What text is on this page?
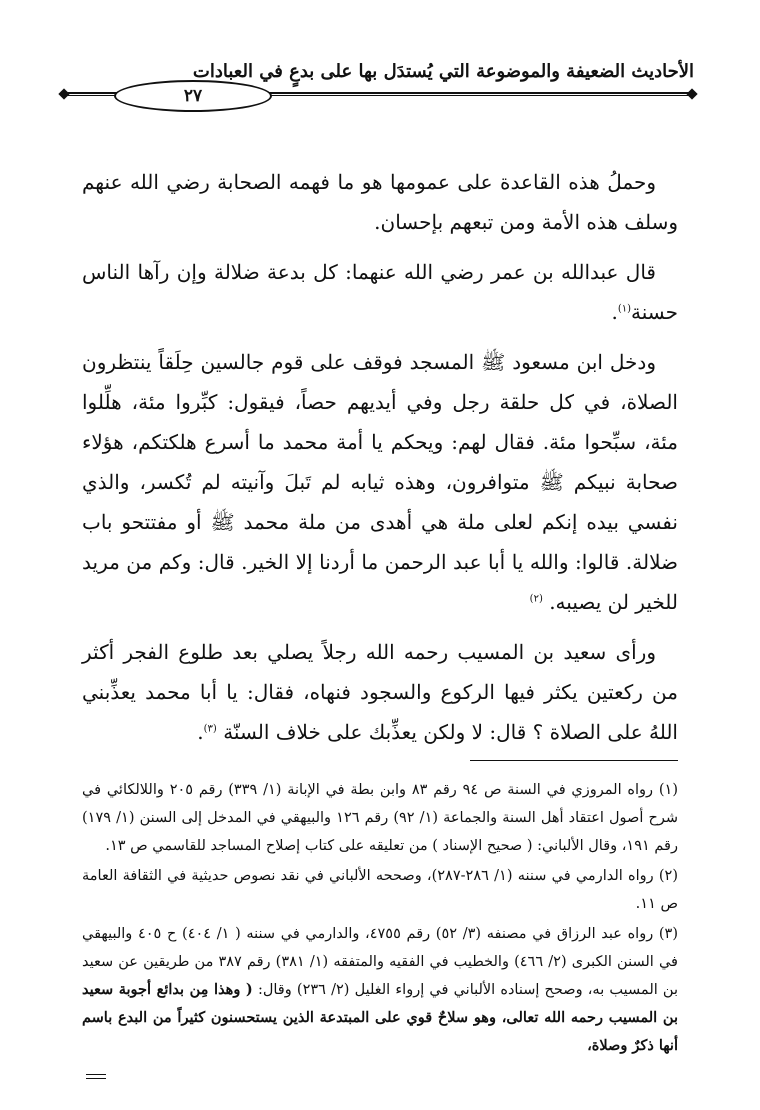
الأحاديث الضعيفة والموضوعة التي يُستدَل بها على بدعٍ في العبادات
٢٧

وحملُ هذه القاعدة على عمومها هو ما فهمه الصحابة رضي الله عنهم وسلف هذه الأمة ومن تبعهم بإحسان.

قال عبدالله بن عمر رضي الله عنهما: كل بدعة ضلالة وإن رآها الناس حسنة$^{(١)}$.

ودخل ابن مسعود ﷺ المسجد فوقف على قوم جالسين حِلَقاً ينتظرون الصلاة، في كل حلقة رجل وفي أيديهم حصاً، فيقول: كبِّروا مئة، هلِّلوا مئة، سبِّحوا مئة. فقال لهم: ويحكم يا أمة محمد ما أسرع هلكتكم، هؤلاء صحابة نبيكم ﷺ متوافرون، وهذه ثيابه لم تَبلَ وآنيته لم تُكسر، والذي نفسي بيده إنكم لعلى ملة هي أهدى من ملة محمد ﷺ أو مفتتحو باب ضلالة. قالوا: والله يا أبا عبد الرحمن ما أردنا إلا الخير. قال: وكم من مريد للخير لن يصيبه. $^{(٢)}$

ورأى سعيد بن المسيب رحمه الله رجلاً يصلي بعد طلوع الفجر أكثر من ركعتين يكثر فيها الركوع والسجود فنهاه، فقال: يا أبا محمد يعذِّبني اللهُ على الصلاة ؟ قال: لا ولكن يعذِّبك على خلاف السنّة $^{(٣)}$.

(١) رواه المروزي في السنة ص ٩٤ رقم ٨٣ وابن بطة في الإبانة (١/ ٣٣٩) رقم ٢٠٥ واللالكائي في شرح أصول اعتقاد أهل السنة والجماعة (١/ ٩٢) رقم ١٢٦ والبيهقي في المدخل إلى السنن (١/ ١٧٩) رقم ١٩١، وقال الألباني: ( صحيح الإسناد ) من تعليقه على كتاب إصلاح المساجد للقاسمي ص ١٣.

(٢) رواه الدارمي في سننه (١/ ٢٨٦-٢٨٧)، وصححه الألباني في نقد نصوص حديثية في الثقافة العامة ص ١١.

(٣) رواه عبد الرزاق في مصنفه (٣/ ٥٢) رقم ٤٧٥٥، والدارمي في سننه ( ١/ ٤٠٤) ح ٤٠٥ والبيهقي في السنن الكبرى (٢/ ٤٦٦) والخطيب في الفقيه والمتفقه (١/ ٣٨١) رقم ٣٨٧ من طريقين عن سعيد بن المسيب به، وصحح إسناده الألباني في إرواء الغليل (٢/ ٢٣٦) وقال: ( وهذا مِن بدائع أجوبة سعيد بن المسيب رحمه الله تعالى، وهو سلاحٌ قوي على المبتدعة الذين يستحسنون كثيراً من البدع باسم أنها ذكرٌ وصلاة،
